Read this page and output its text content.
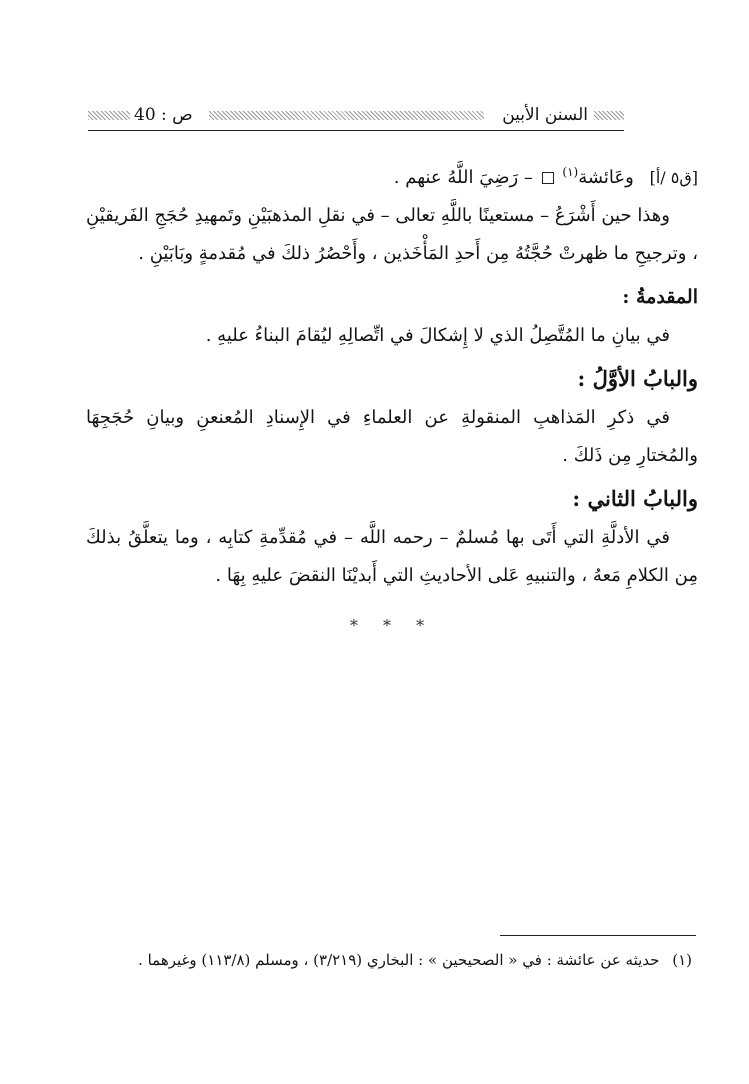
السنن الأبين
ص : 40

[ق٥ /أ] وعَائشة$^{(١)}$  – رَضِيَ اللَّهُ عنهم .

وهذا حين أَشْرَعُ – مستعينًا باللَّهِ تعالى – في نقلِ المذهبَيْنِ وتَمهيدِ حُجَجِ الفَريقيْنِ ، وترجيحِ ما ظهرتْ حُجَّتُهُ مِن أَحدِ المَأْخَذين ، وأَحْصُرُ ذلكَ في مُقدمةٍ وبَابَيْنِ .

المقدمةُ :

في بيانِ ما المُتَّصِلُ الذي لا إِشكالَ في اتِّصالِهِ ليُقامَ البناءُ عليهِ .

والبابُ الأوَّلُ :

في ذكرِ المَذاهبِ المنقولةِ عن العلماءِ في الإِسنادِ المُعنعنِ وبيانِ حُجَجِهَا والمُختارِ مِن ذَلكَ .

والبابُ الثاني :

في الأدلَّةِ التي أَتَى بها مُسلمٌ – رحمه اللَّه – في مُقدِّمةِ كتابِه ، وما يتعلَّقُ بذلكَ مِن الكلامِ مَعهُ ، والتنبيهِ عَلى الأحاديثِ التي أَبديْنَا النقضَ عليهِ بِهَا .

* * *
(١) حديثه عن عائشة : في « الصحيحين » : البخاري (٣/٢١٩) ، ومسلم (١١٣/٨) وغيرهما .
